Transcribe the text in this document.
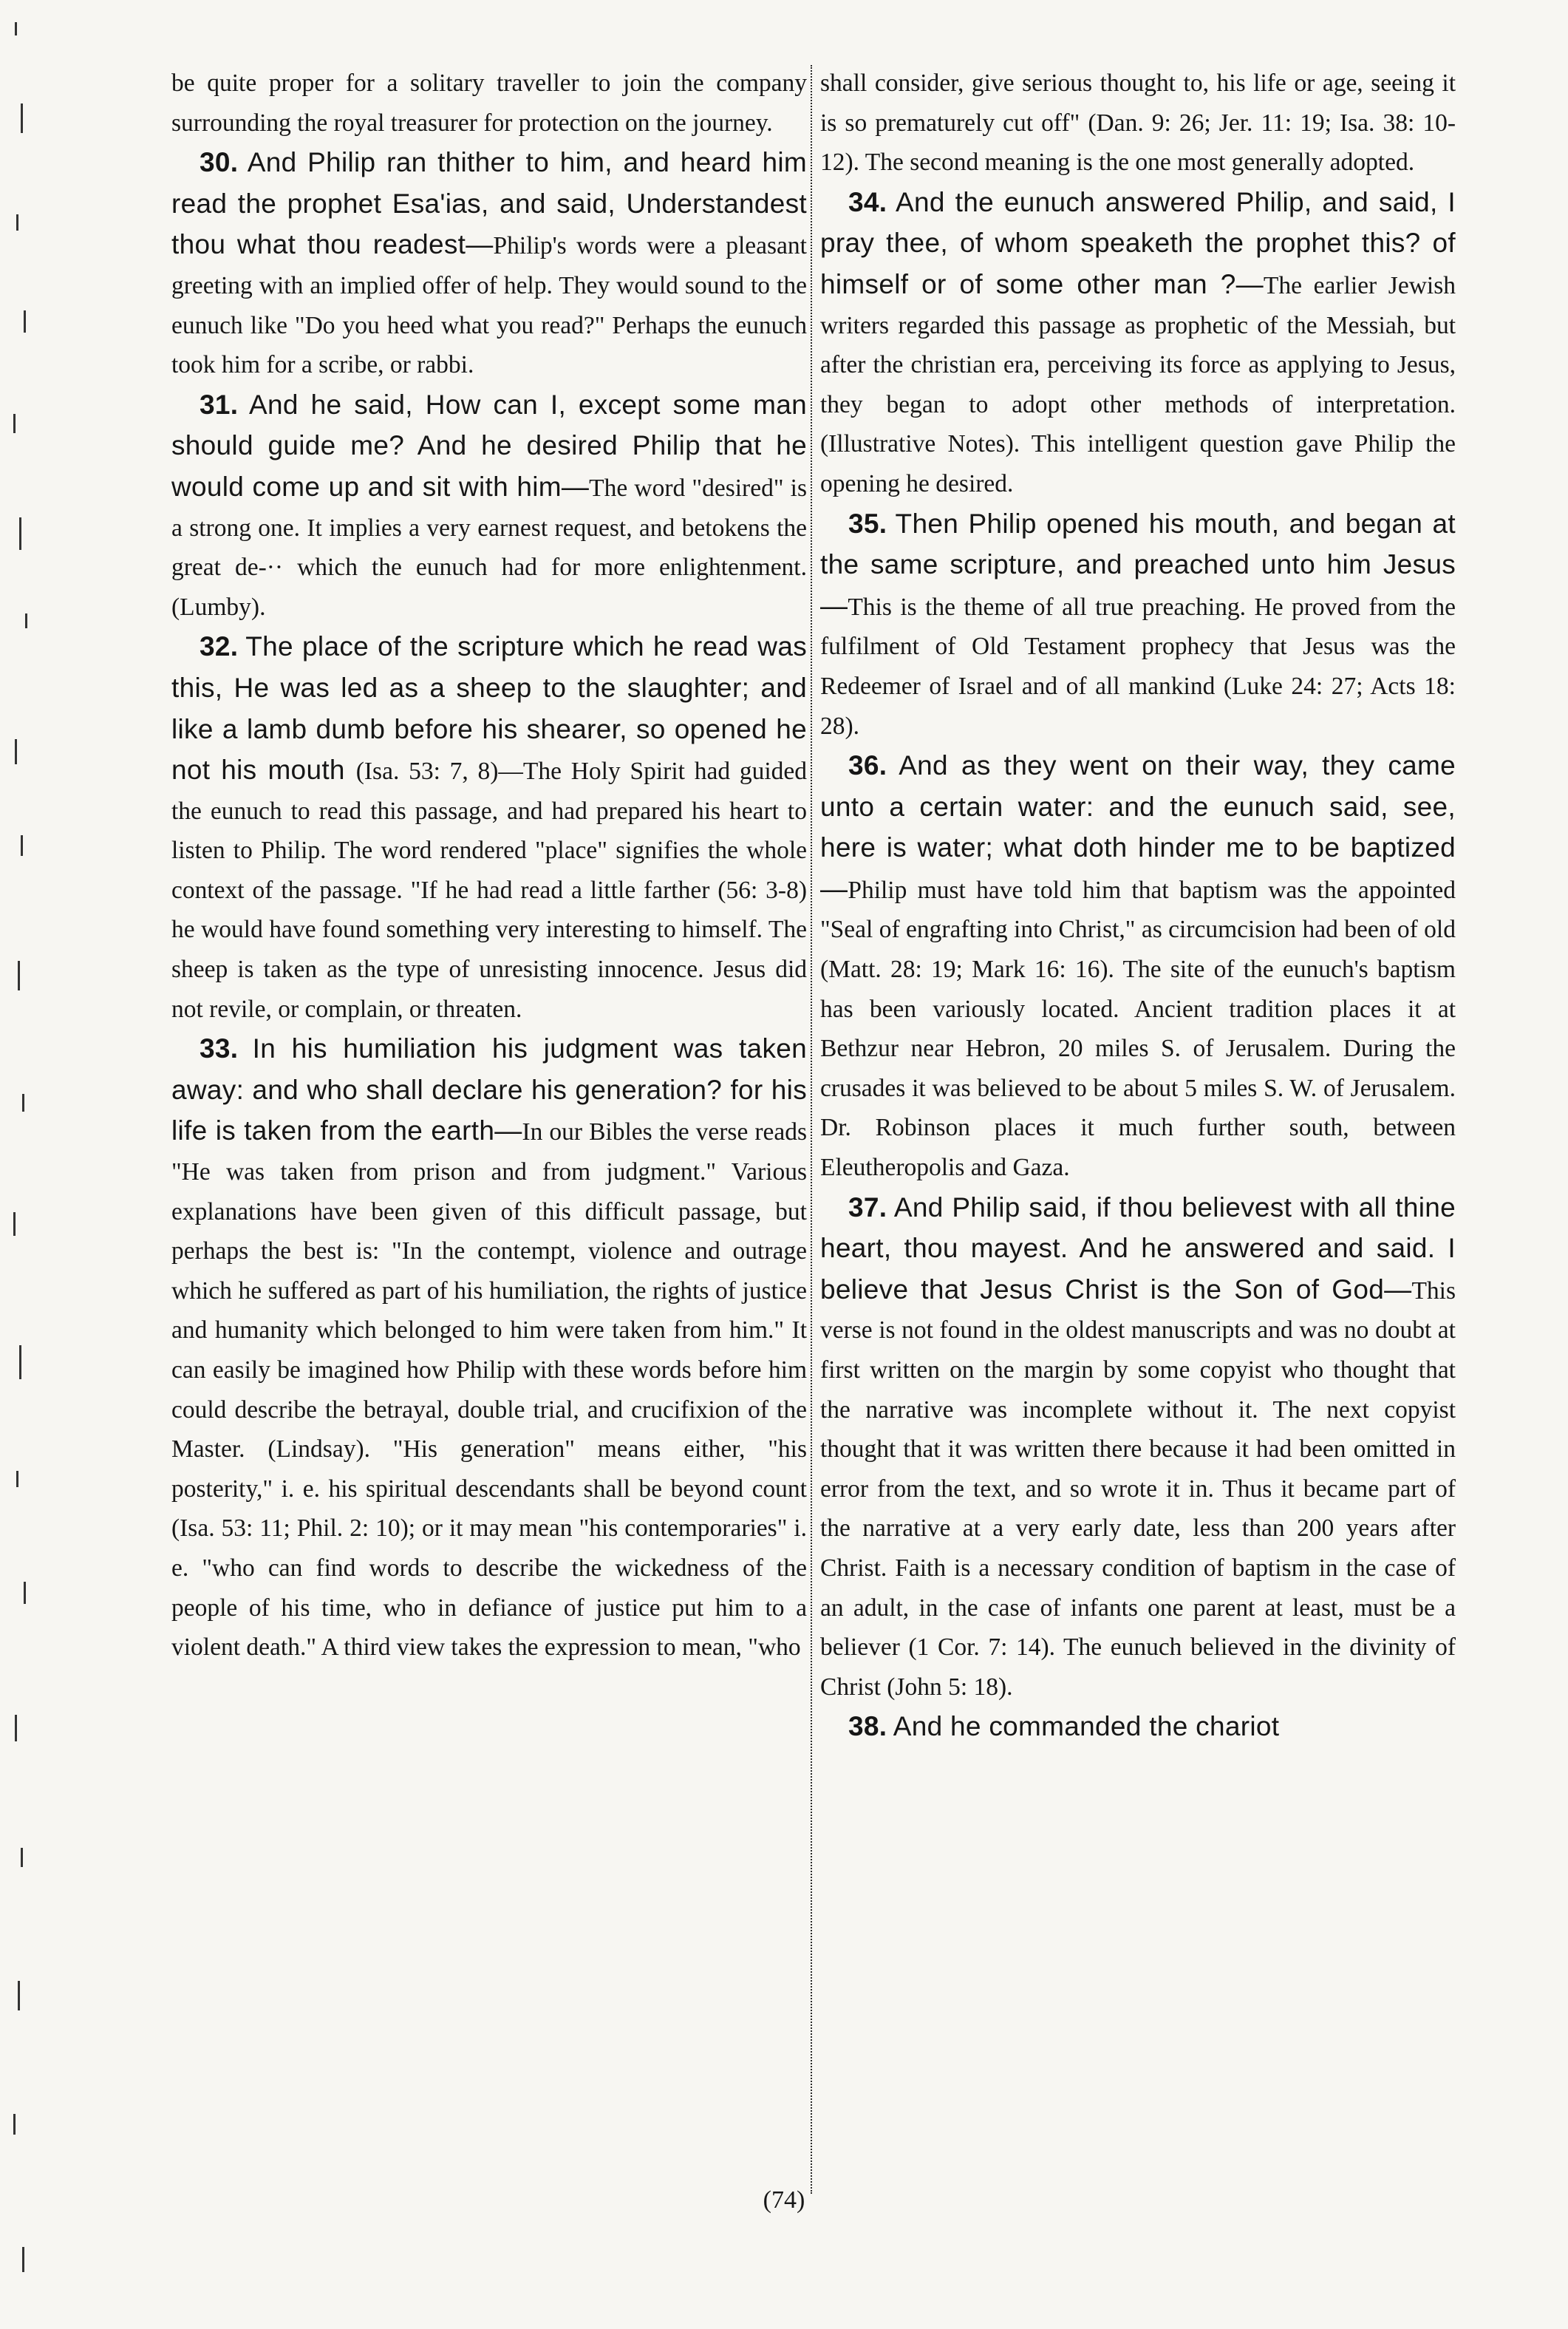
be quite proper for a solitary traveller to join the company surrounding the royal treasurer for protection on the journey.

30. And Philip ran thither to him, and heard him read the prophet Esa'ias, and said, Understandest thou what thou readest—Philip's words were a pleasant greeting with an implied offer of help. They would sound to the eunuch like "Do you heed what you read?" Perhaps the eunuch took him for a scribe, or rabbi.

31. And he said, How can I, except some man should guide me? And he desired Philip that he would come up and sit with him—The word "desired" is a strong one. It implies a very earnest request, and betokens the great de-·· which the eunuch had for more enlightenment. (Lumby).

32. The place of the scripture which he read was this, He was led as a sheep to the slaughter; and like a lamb dumb before his shearer, so opened he not his mouth (Isa. 53: 7, 8)—The Holy Spirit had guided the eunuch to read this passage, and had prepared his heart to listen to Philip. The word rendered "place" signifies the whole context of the passage. "If he had read a little farther (56: 3-8) he would have found something very interesting to himself. The sheep is taken as the type of unresisting innocence. Jesus did not revile, or complain, or threaten.

33. In his humiliation his judgment was taken away: and who shall declare his generation? for his life is taken from the earth—In our Bibles the verse reads "He was taken from prison and from judgment." Various explanations have been given of this difficult passage, but perhaps the best is: "In the contempt, violence and outrage which he suffered as part of his humiliation, the rights of justice and humanity which belonged to him were taken from him." It can easily be imagined how Philip with these words before him could describe the betrayal, double trial, and crucifixion of the Master. (Lindsay). "His generation" means either, "his posterity," i. e. his spiritual descendants shall be beyond count (Isa. 53: 11; Phil. 2: 10); or it may mean "his contemporaries" i. e. "who can find words to describe the wickedness of the people of his time, who in defiance of justice put him to a violent death." A third view takes the expression to mean, "who

shall consider, give serious thought to, his life or age, seeing it is so prematurely cut off" (Dan. 9: 26; Jer. 11: 19; Isa. 38: 10-12). The second meaning is the one most generally adopted.

34. And the eunuch answered Philip, and said, I pray thee, of whom speaketh the prophet this? of himself or of some other man ?—The earlier Jewish writers regarded this passage as prophetic of the Messiah, but after the christian era, perceiving its force as applying to Jesus, they began to adopt other methods of interpretation. (Illustrative Notes). This intelligent question gave Philip the opening he desired.

35. Then Philip opened his mouth, and began at the same scripture, and preached unto him Jesus—This is the theme of all true preaching. He proved from the fulfilment of Old Testament prophecy that Jesus was the Redeemer of Israel and of all mankind (Luke 24: 27; Acts 18: 28).

36. And as they went on their way, they came unto a certain water: and the eunuch said, see, here is water; what doth hinder me to be baptized—Philip must have told him that baptism was the appointed "Seal of engrafting into Christ," as circumcision had been of old (Matt. 28: 19; Mark 16: 16). The site of the eunuch's baptism has been variously located. Ancient tradition places it at Bethzur near Hebron, 20 miles S. of Jerusalem. During the crusades it was believed to be about 5 miles S. W. of Jerusalem. Dr. Robinson places it much further south, between Eleutheropolis and Gaza.

37. And Philip said, if thou believest with all thine heart, thou mayest. And he answered and said. I believe that Jesus Christ is the Son of God—This verse is not found in the oldest manuscripts and was no doubt at first written on the margin by some copyist who thought that the narrative was incomplete without it. The next copyist thought that it was written there because it had been omitted in error from the text, and so wrote it in. Thus it became part of the narrative at a very early date, less than 200 years after Christ. Faith is a necessary condition of baptism in the case of an adult, in the case of infants one parent at least, must be a believer (1 Cor. 7: 14). The eunuch believed in the divinity of Christ (John 5: 18).

38. And he commanded the chariot

(74)
